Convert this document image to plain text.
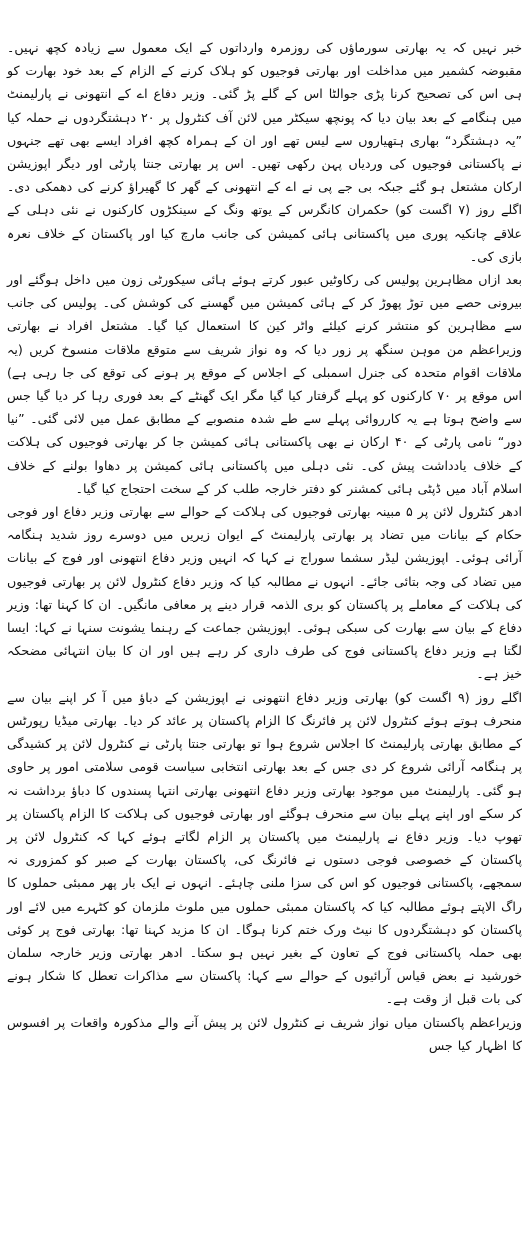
خبر نہیں کہ یہ بھارتی سورماؤں کی روزمرہ وارداتوں کے ایک معمول سے زیادہ کچھ نہیں۔ مقبوضہ کشمیر میں مداخلت اور بھارتی فوجیوں کو ہلاک کرنے کے الزام کے بعد خود بھارت کو ہی اس کی تصحیح کرنا پڑی جوالٹا اس کے گلے پڑ گئی۔ وزیر دفاع اے کے انتھونی نے پارلیمنٹ میں ہنگامے کے بعد بیان دیا کہ پونچھ سیکٹر میں لائن آف کنٹرول پر ۲۰ دہشتگردوں نے حملہ کیا ”یہ دہشتگرد“ بھاری ہتھیاروں سے لیس تھے اور ان کے ہمراہ کچھ افراد ایسے بھی تھے جنہوں نے پاکستانی فوجیوں کی وردیاں پہن رکھی تھیں۔ اس پر بھارتی جنتا پارٹی اور دیگر اپوزیشن ارکان مشتعل ہو گئے جبکہ بی جے پی نے اے کے انتھونی کے گھر کا گھیراؤ کرنے کی دھمکی دی۔ اگلے روز (۷ اگست کو) حکمران کانگرس کے یوتھ ونگ کے سینکڑوں کارکنوں نے نئی دہلی کے علاقے چانکیہ پوری میں پاکستانی ہائی کمیشن کی جانب مارچ کیا اور پاکستان کے خلاف نعرہ بازی کی۔

بعد ازاں مظاہرین پولیس کی رکاوٹیں عبور کرتے ہوئے ہائی سیکورٹی زون میں داخل ہوگئے اور بیرونی حصے میں توڑ پھوڑ کر کے ہائی کمیشن میں گھسنے کی کوشش کی۔ پولیس کی جانب سے مظاہرین کو منتشر کرنے کیلئے واٹر کین کا استعمال کیا گیا۔ مشتعل افراد نے بھارتی وزیراعظم من موہن سنگھ پر زور دیا کہ وہ نواز شریف سے متوقع ملاقات منسوخ کریں (یہ ملاقات اقوام متحدہ کی جنرل اسمبلی کے اجلاس کے موقع پر ہونے کی توقع کی جا رہی ہے) اس موقع پر ۷۰ کارکنوں کو پہلے گرفتار کیا گیا مگر ایک گھنٹے کے بعد فوری رہا کر دیا گیا جس سے واضح ہوتا ہے یہ کارروائی پہلے سے طے شدہ منصوبے کے مطابق عمل میں لائی گئی۔ ”نیا دور“ نامی پارٹی کے ۴۰ ارکان نے بھی پاکستانی ہائی کمیشن جا کر بھارتی فوجیوں کی ہلاکت کے خلاف یادداشت پیش کی۔ نئی دہلی میں پاکستانی ہائی کمیشن پر دھاوا بولنے کے خلاف اسلام آباد میں ڈپٹی ہائی کمشنر کو دفتر خارجہ طلب کر کے سخت احتجاج کیا گیا۔

ادھر کنٹرول لائن پر ۵ مبینہ بھارتی فوجیوں کی ہلاکت کے حوالے سے بھارتی وزیر دفاع اور فوجی حکام کے بیانات میں تضاد پر بھارتی پارلیمنٹ کے ایوان زیریں میں دوسرے روز شدید ہنگامہ آرائی ہوئی۔ اپوزیشن لیڈر سشما سوراج نے کہا کہ انہیں وزیر دفاع انتھونی اور فوج کے بیانات میں تضاد کی وجہ بتائی جائے۔ انہوں نے مطالبہ کیا کہ وزیر دفاع کنٹرول لائن پر بھارتی فوجیوں کی ہلاکت کے معاملے پر پاکستان کو بری الذمہ قرار دینے پر معافی مانگیں۔ ان کا کہنا تھا: وزیر دفاع کے بیان سے بھارت کی سبکی ہوئی۔ اپوزیشن جماعت کے رہنما یشونت سنہا نے کہا: ایسا لگتا ہے وزیر دفاع پاکستانی فوج کی طرف داری کر رہے ہیں اور ان کا بیان انتہائی مضحکہ خیز ہے۔

اگلے روز (۹ اگست کو) بھارتی وزیر دفاع انتھونی نے اپوزیشن کے دباؤ میں آ کر اپنے بیان سے منحرف ہوتے ہوئے کنٹرول لائن پر فائرنگ کا الزام پاکستان پر عائد کر دیا۔ بھارتی میڈیا رپورٹس کے مطابق بھارتی پارلیمنٹ کا اجلاس شروع ہوا تو بھارتی جنتا پارٹی نے کنٹرول لائن پر کشیدگی پر ہنگامہ آرائی شروع کر دی جس کے بعد بھارتی انتخابی سیاست قومی سلامتی امور پر حاوی ہو گئی۔ پارلیمنٹ میں موجود بھارتی وزیر دفاع انتھونی بھارتی انتہا پسندوں کا دباؤ برداشت نہ کر سکے اور اپنے پہلے بیان سے منحرف ہوگئے اور بھارتی فوجیوں کی ہلاکت کا الزام پاکستان پر تھوپ دیا۔ وزیر دفاع نے پارلیمنٹ میں پاکستان پر الزام لگاتے ہوئے کہا کہ کنٹرول لائن پر پاکستان کے خصوصی فوجی دستوں نے فائرنگ کی، پاکستان بھارت کے صبر کو کمزوری نہ سمجھے، پاکستانی فوجیوں کو اس کی سزا ملنی چاہئے۔ انہوں نے ایک بار پھر ممبئی حملوں کا راگ الاپتے ہوئے مطالبہ کیا کہ پاکستان ممبئی حملوں میں ملوث ملزمان کو کٹہرے میں لائے اور پاکستان کو دہشتگردوں کا نیٹ ورک ختم کرنا ہوگا۔ ان کا مزید کہنا تھا: بھارتی فوج پر کوئی بھی حملہ پاکستانی فوج کے تعاون کے بغیر نہیں ہو سکتا۔ ادھر بھارتی وزیر خارجہ سلمان خورشید نے بعض قیاس آرائیوں کے حوالے سے کہا: پاکستان سے مذاکرات تعطل کا شکار ہونے کی بات قبل از وقت ہے۔

وزیراعظم پاکستان میاں نواز شریف نے کنٹرول لائن پر پیش آنے والے مذکورہ واقعات پر افسوس کا اظہار کیا جس
